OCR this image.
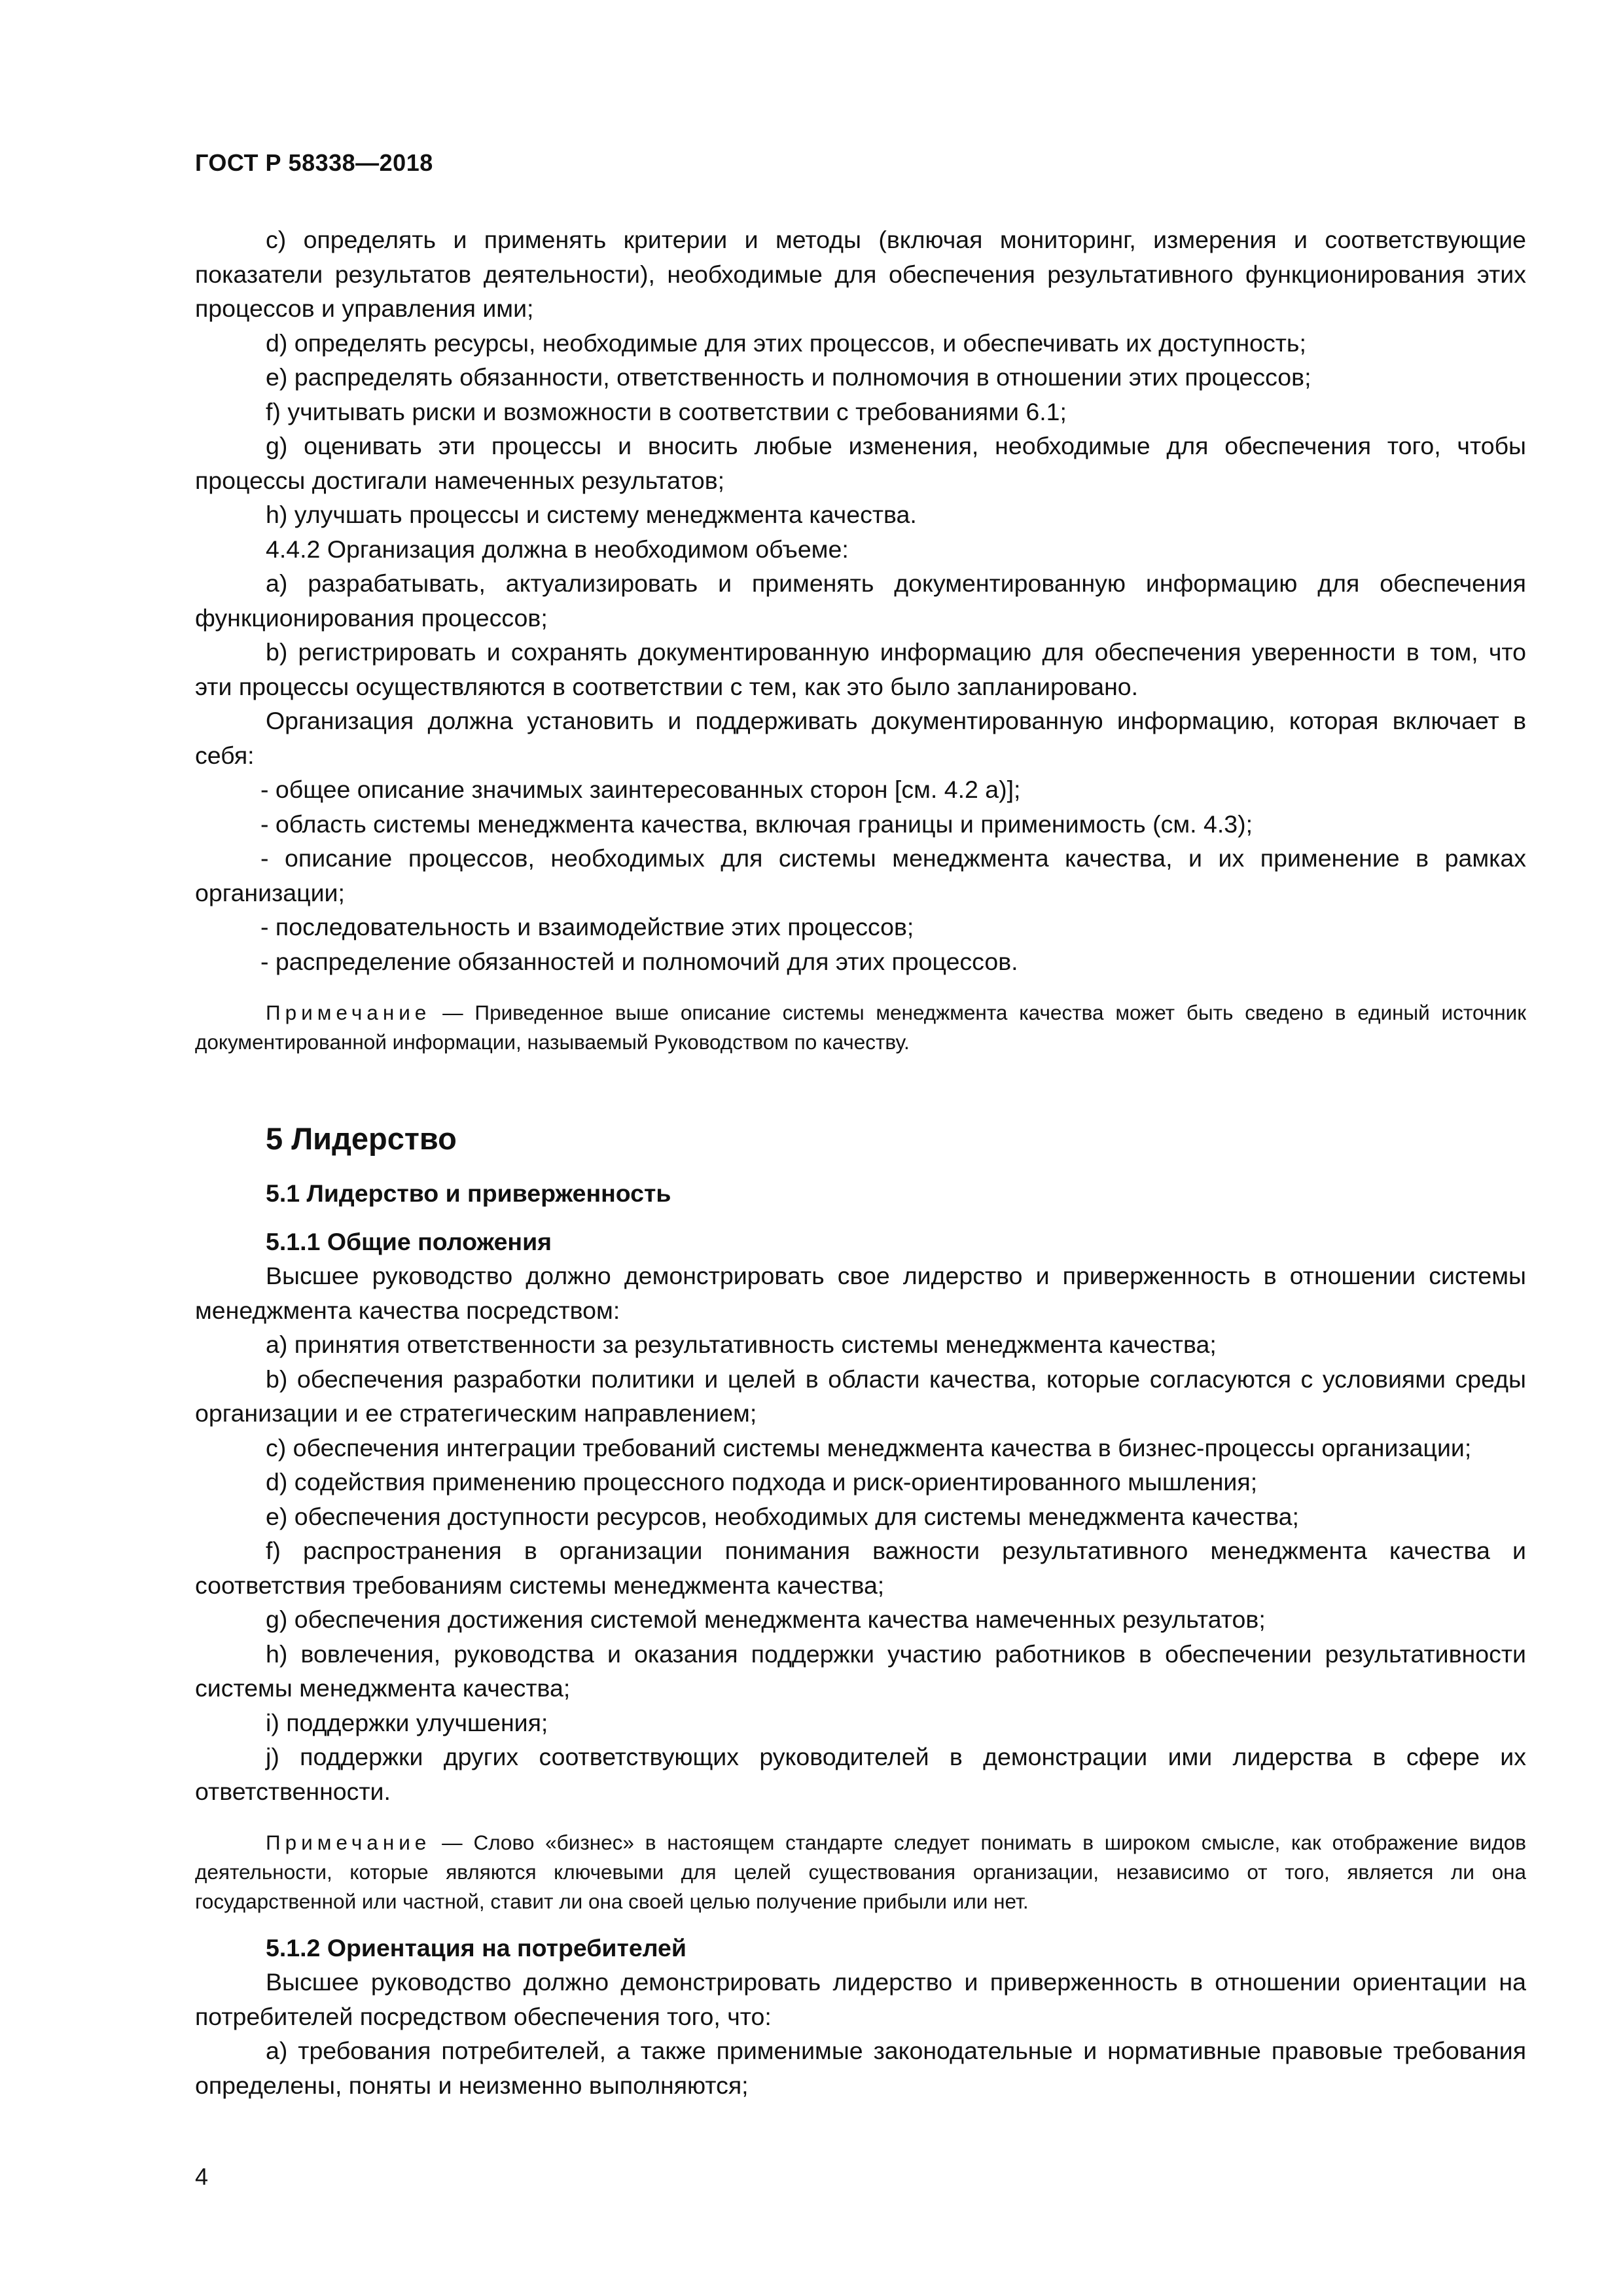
ГОСТ Р 58338—2018

c) определять и применять критерии и методы (включая мониторинг, измерения и соответствующие показатели результатов деятельности), необходимые для обеспечения результативного функционирования этих процессов и управления ими;

d) определять ресурсы, необходимые для этих процессов, и обеспечивать их доступность;

e) распределять обязанности, ответственность и полномочия в отношении этих процессов;

f) учитывать риски и возможности в соответствии с требованиями 6.1;

g) оценивать эти процессы и вносить любые изменения, необходимые для обеспечения того, чтобы процессы достигали намеченных результатов;

h) улучшать процессы и систему менеджмента качества.

4.4.2 Организация должна в необходимом объеме:

а) разрабатывать, актуализировать и применять документированную информацию для обеспечения функционирования процессов;

b) регистрировать и сохранять документированную информацию для обеспечения уверенности в том, что эти процессы осуществляются в соответствии с тем, как это было запланировано.

Организация должна установить и поддерживать документированную информацию, которая включает в себя:

- общее описание значимых заинтересованных сторон [см. 4.2 а)];

- область системы менеджмента качества, включая границы и применимость (см. 4.3);

- описание процессов, необходимых для системы менеджмента качества, и их применение в рамках организации;

- последовательность и взаимодействие этих процессов;

- распределение обязанностей и полномочий для этих процессов.

Примечание — Приведенное выше описание системы менеджмента качества может быть сведено в единый источник документированной информации, называемый Руководством по качеству.

5 Лидерство
5.1 Лидерство и приверженность
5.1.1 Общие положения

Высшее руководство должно демонстрировать свое лидерство и приверженность в отношении системы менеджмента качества посредством:

a) принятия ответственности за результативность системы менеджмента качества;

b) обеспечения разработки политики и целей в области качества, которые согласуются с условиями среды организации и ее стратегическим направлением;

c) обеспечения интеграции требований системы менеджмента качества в бизнес-процессы организации;

d) содействия применению процессного подхода и риск-ориентированного мышления;

e) обеспечения доступности ресурсов, необходимых для системы менеджмента качества;

f) распространения в организации понимания важности результативного менеджмента качества и соответствия требованиям системы менеджмента качества;

g) обеспечения достижения системой менеджмента качества намеченных результатов;

h) вовлечения, руководства и оказания поддержки участию работников в обеспечении результативности системы менеджмента качества;

i) поддержки улучшения;

j) поддержки других соответствующих руководителей в демонстрации ими лидерства в сфере их ответственности.

Примечание — Слово «бизнес» в настоящем стандарте следует понимать в широком смысле, как отображение видов деятельности, которые являются ключевыми для целей существования организации, независимо от того, является ли она государственной или частной, ставит ли она своей целью получение прибыли или нет.

5.1.2 Ориентация на потребителей

Высшее руководство должно демонстрировать лидерство и приверженность в отношении ориентации на потребителей посредством обеспечения того, что:

а) требования потребителей, а также применимые законодательные и нормативные правовые требования определены, поняты и неизменно выполняются;

4
